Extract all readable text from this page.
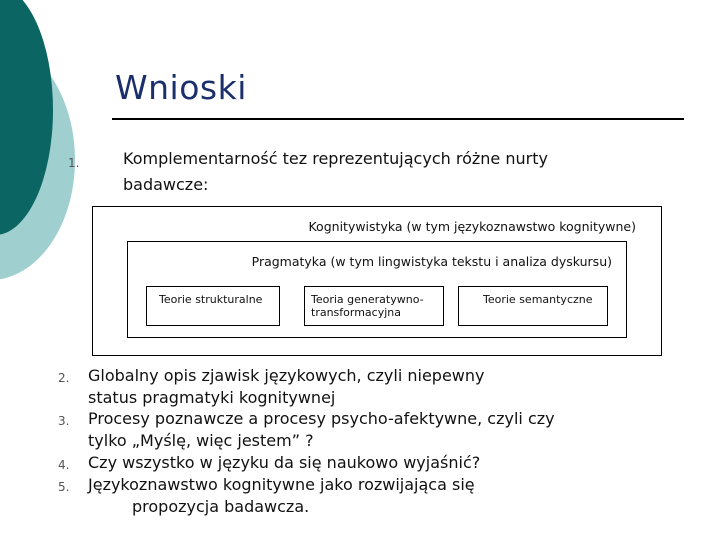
Wnioski
1.	Komplementarność tez reprezentujących różne nurty
badawcze:
Kognitywistyka (w tym językoznawstwo kognitywne)
Pragmatyka (w tym lingwistyka tekstu i analiza dyskursu)
Teorie strukturalne	Teoria generatywno-
transformacyjna
Teorie semantyczne
2. Globalny opis zjawisk językowych, czyli niepewny
status pragmatyki kognitywnej
3. Procesy poznawcze a procesy psycho-afektywne, czyli czy
tylko „Myślę, więc jestem” ?
4. Czy wszystko w języku da się naukowo wyjaśnić?
5. Językoznawstwo kognitywne jako rozwijająca się
propozycja badawcza.
